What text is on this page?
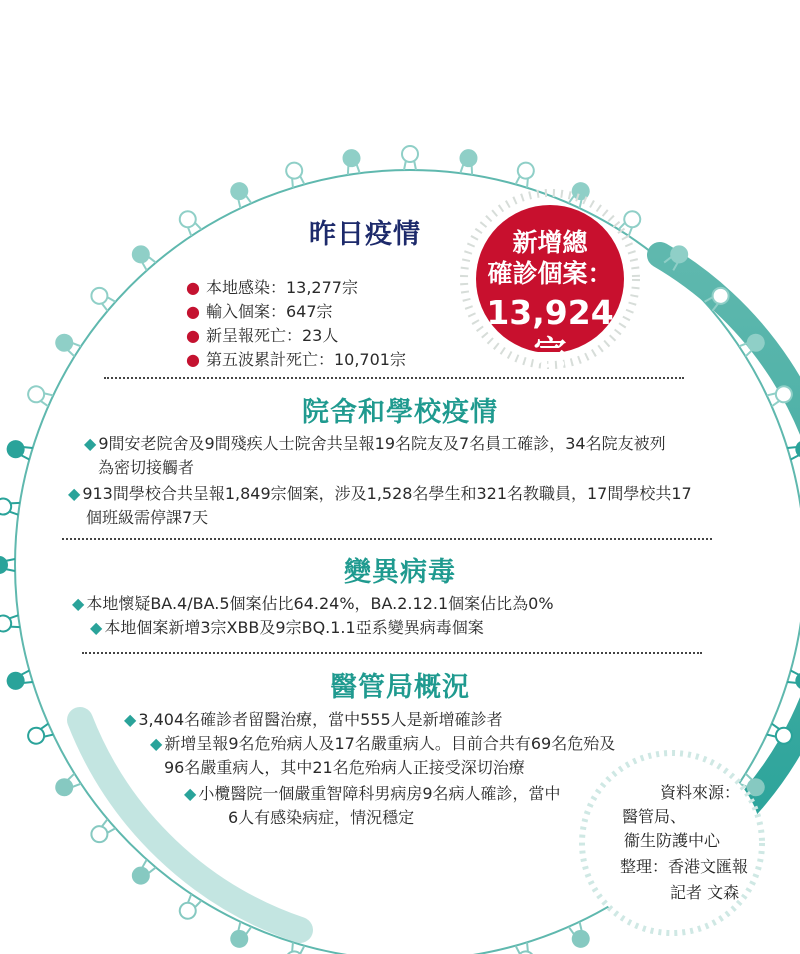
新增總
確診個案：
13,924宗
昨日疫情
● 本地感染：13,277宗
● 輸入個案：647宗
● 新呈報死亡：23人
● 第五波累計死亡：10,701宗
院舍和學校疫情
◆ 9間安老院舍及9間殘疾人士院舍共呈報19名院友及7名員工確診，34名院友被列
為密切接觸者
◆ 913間學校合共呈報1,849宗個案，涉及1,528名學生和321名教職員，17間學校共17
個班級需停課7天
變異病毒
◆ 本地懷疑BA.4/BA.5個案佔比64.24%，BA.2.12.1個案佔比為0%
◆ 本地個案新增3宗XBB及9宗BQ.1.1亞系變異病毒個案
醫管局概況
◆ 3,404名確診者留醫治療，當中555人是新增確診者
◆ 新增呈報9名危殆病人及17名嚴重病人。目前合共有69名危殆及
96名嚴重病人，其中21名危殆病人正接受深切治療
◆ 小欖醫院一個嚴重智障科男病房9名病人確診，當中
6人有感染病症，情況穩定
資料來源：
醫管局、
衞生防護中心
整理：香港文匯報
記者 文森
